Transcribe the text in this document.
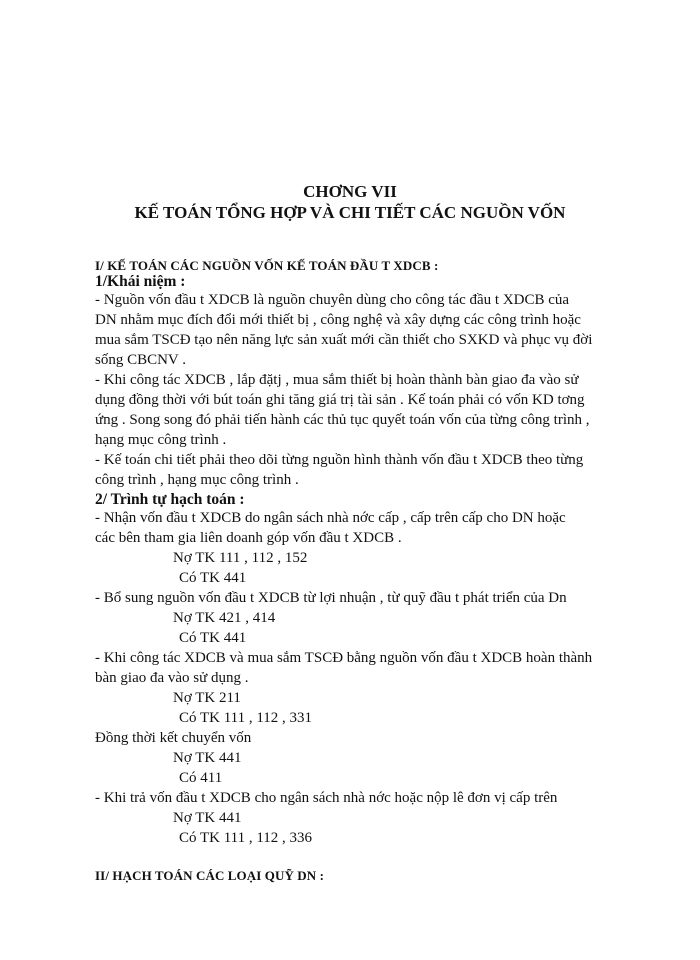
CHƠNG VII
KẾ TOÁN TỔNG HỢP VÀ CHI TIẾT CÁC NGUỒN VỐN
I/ KẾ TOÁN CÁC NGUỒN VỐN KẾ TOÁN ĐẦU T XDCB :
1/Khái niệm :
- Nguồn vốn đầu t XDCB là nguồn chuyên dùng cho công tác đầu t XDCB của
DN nhằm mục đích đổi mới thiết bị , công nghệ và xây dựng các công trình hoặc
mua sắm TSCĐ tạo nên năng lực sản xuất mới cần thiết cho SXKD và phục vụ đời
sống CBCNV .
- Khi công tác XDCB , lắp đặtj , mua sắm thiết bị hoàn thành bàn giao đa vào sử
dụng đồng thời với bút toán ghi tăng giá trị tài sản . Kế toán phải có vốn KD tơng
ứng . Song song đó phải tiến hành các thủ tục quyết toán vốn của từng công trình ,
hạng mục công trình .
- Kế toán chi tiết phải theo dõi từng nguồn hình thành vốn đầu t XDCB theo từng
công trình , hạng mục công trình .
2/ Trình tự hạch toán :
- Nhận vốn đầu t XDCB do ngân sách nhà nớc cấp , cấp trên cấp cho DN hoặc
các bên tham gia liên doanh góp vốn đầu t XDCB .
Nợ TK 111 , 112 , 152
Có TK 441
- Bổ sung nguồn vốn đầu t XDCB từ lợi nhuận , từ quỹ đầu t phát triển của Dn
Nợ TK 421 , 414
Có TK 441
- Khi công tác XDCB và mua sắm TSCĐ bằng nguồn vốn đầu t XDCB hoàn thành
bàn giao đa vào sử dụng .
Nợ TK 211
Có TK 111 , 112 , 331
Đồng thời kết chuyển vốn
Nợ TK 441
Có 411
- Khi trả vốn đầu t XDCB cho ngân sách nhà nớc hoặc nộp lê đơn vị cấp trên
Nợ TK 441
Có TK 111 , 112 , 336
II/ HẠCH TOÁN CÁC LOẠI QUỸ DN :
